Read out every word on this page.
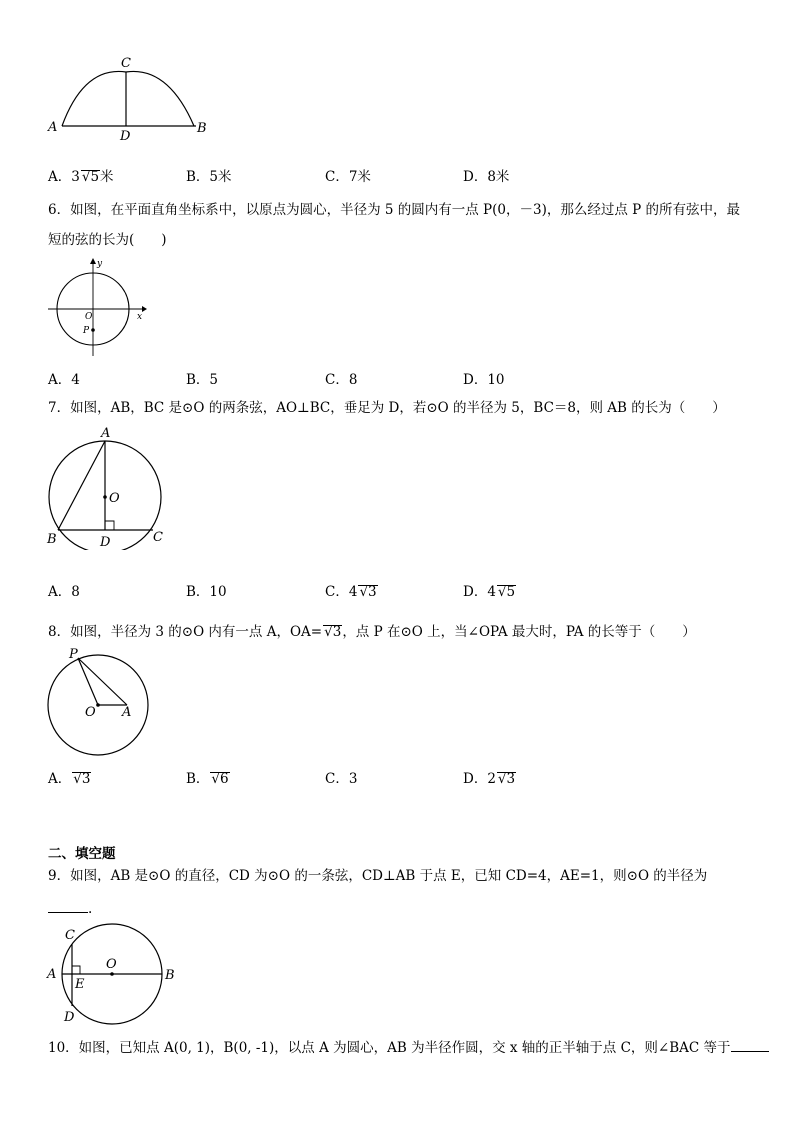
A	B
C
D
A．3 √5米	B．5米	C．7米	D．8米
6．如图，在平面直角坐标系中，以原点为圆心，半径为 5 的圆内有一点 P(0，－3)，那么经过点 P 的所有弦中，最
短的弦的长为(　　)
y
x
O
P
A．4	B．5	C．8	D．10
7．如图，AB，BC 是⊙O 的两条弦，AO⊥BC，垂足为 D，若⊙O 的半径为 5，BC＝8，则 AB 的长为（　　）
A
O
B	D	C
A．8	B．10	C．4 √3	D．4 √5
8．如图，半径为 3 的⊙O 内有一点 A，OA= √3，点 P 在⊙O 上，当∠OPA 最大时，PA 的长等于（　　）
P
O A
A． √3	B． √6	C．3	D．2 √3
二、填空题
9．如图，AB 是⊙O 的直径，CD 为⊙O 的一条弦，CD⊥AB 于点 E，已知 CD=4，AE=1，则⊙O 的半径为
.
C
A
O
B
E
D
10．如图，已知点 A(0, 1)，B(0, -1)，以点 A 为圆心，AB 为半径作圆，交 x 轴的正半轴于点 C，则∠BAC 等于
